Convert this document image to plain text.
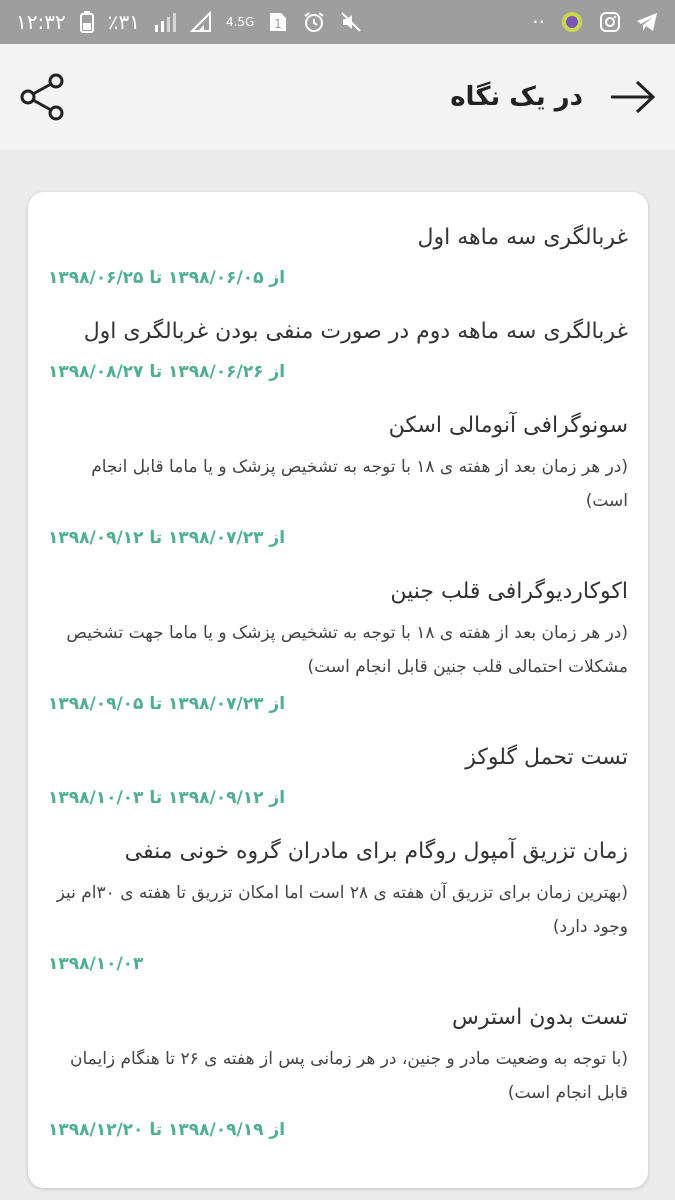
۱۲:۳۲ ٪۳۱	4.5G 1	··
در یک نگاه
غربالگری سه ماهه اول
از ۱۳۹۸/۰۶/۰۵ تا ۱۳۹۸/۰۶/۲۵
غربالگری سه ماهه دوم در صورت منفی بودن غربالگری اول
از ۱۳۹۸/۰۶/۲۶ تا ۱۳۹۸/۰۸/۲۷
سونوگرافی آنومالی اسکن
(در هر زمان بعد از هفته ی ۱۸ با توجه به تشخیص پزشک و یا ماما قابل انجام است)
از ۱۳۹۸/۰۷/۲۳ تا ۱۳۹۸/۰۹/۱۲
اکوکاردیوگرافی قلب جنین
(در هر زمان بعد از هفته ی ۱۸ با توجه به تشخیص پزشک و یا ماما جهت تشخیص مشکلات احتمالی قلب جنین قابل انجام است)
از ۱۳۹۸/۰۷/۲۳ تا ۱۳۹۸/۰۹/۰۵
تست تحمل گلوکز
از ۱۳۹۸/۰۹/۱۲ تا ۱۳۹۸/۱۰/۰۳
زمان تزریق آمپول روگام برای مادران گروه خونی منفی
(بهترین زمان برای تزریق آن هفته ی ۲۸ است اما امکان تزریق تا هفته ی ۳۰ام نیز وجود دارد)
۱۳۹۸/۱۰/۰۳
تست بدون استرس
(با توجه به وضعیت مادر و جنین، در هر زمانی پس از هفته ی ۲۶ تا هنگام زایمان قابل انجام است)
از ۱۳۹۸/۰۹/۱۹ تا ۱۳۹۸/۱۲/۲۰
